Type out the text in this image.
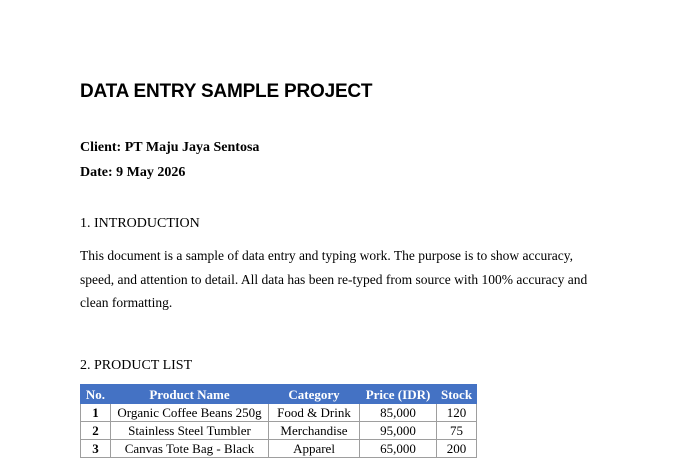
DATA ENTRY SAMPLE PROJECT
Client: PT Maju Jaya Sentosa
Date: 9 May 2026
1. INTRODUCTION
This document is a sample of data entry and typing work. The purpose is to show accuracy,
speed, and attention to detail. All data has been re-typed from source with 100% accuracy and
clean formatting.
2. PRODUCT LIST
No.	Product Name	Category	Price (IDR)	Stock
1	Organic Coffee Beans 250g	Food & Drink	85,000	120
2	Stainless Steel Tumbler	Merchandise	95,000	75
3	Canvas Tote Bag - Black	Apparel	65,000	200
